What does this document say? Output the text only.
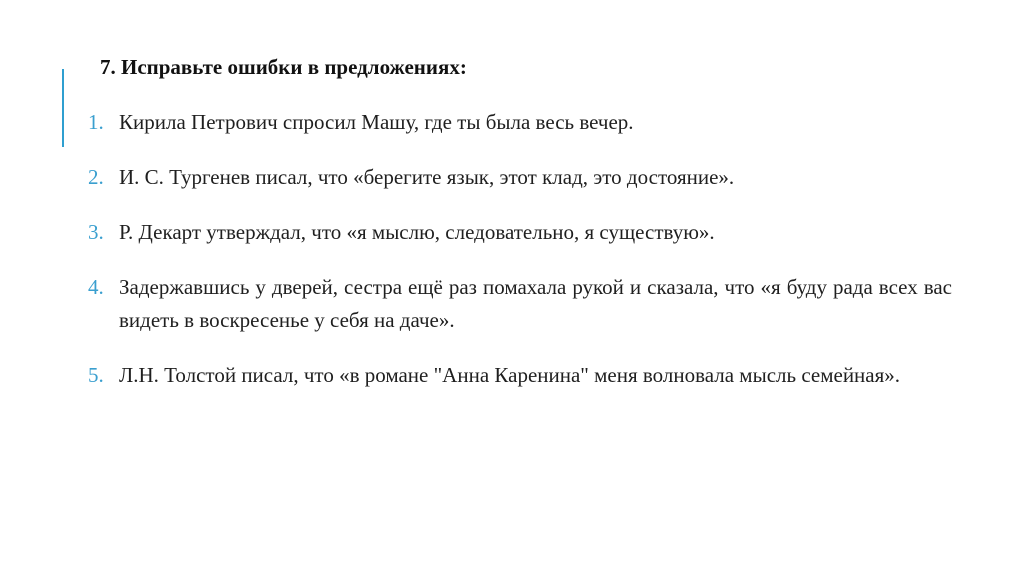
7. Исправьте ошибки в предложениях:
1. Кирила Петрович спросил Машу, где ты была весь вечер.
2. И. С. Тургенев писал, что «берегите язык, этот клад, это достояние».
3. Р. Декарт утверждал, что «я мыслю, следовательно, я существую».
4. Задержавшись у дверей, сестра ещё раз помахала рукой и сказала, что «я буду рада всех вас видеть в воскресенье у себя на даче».
5. Л.Н. Толстой писал, что «в романе "Анна Каренина" меня волновала мысль семейная».
